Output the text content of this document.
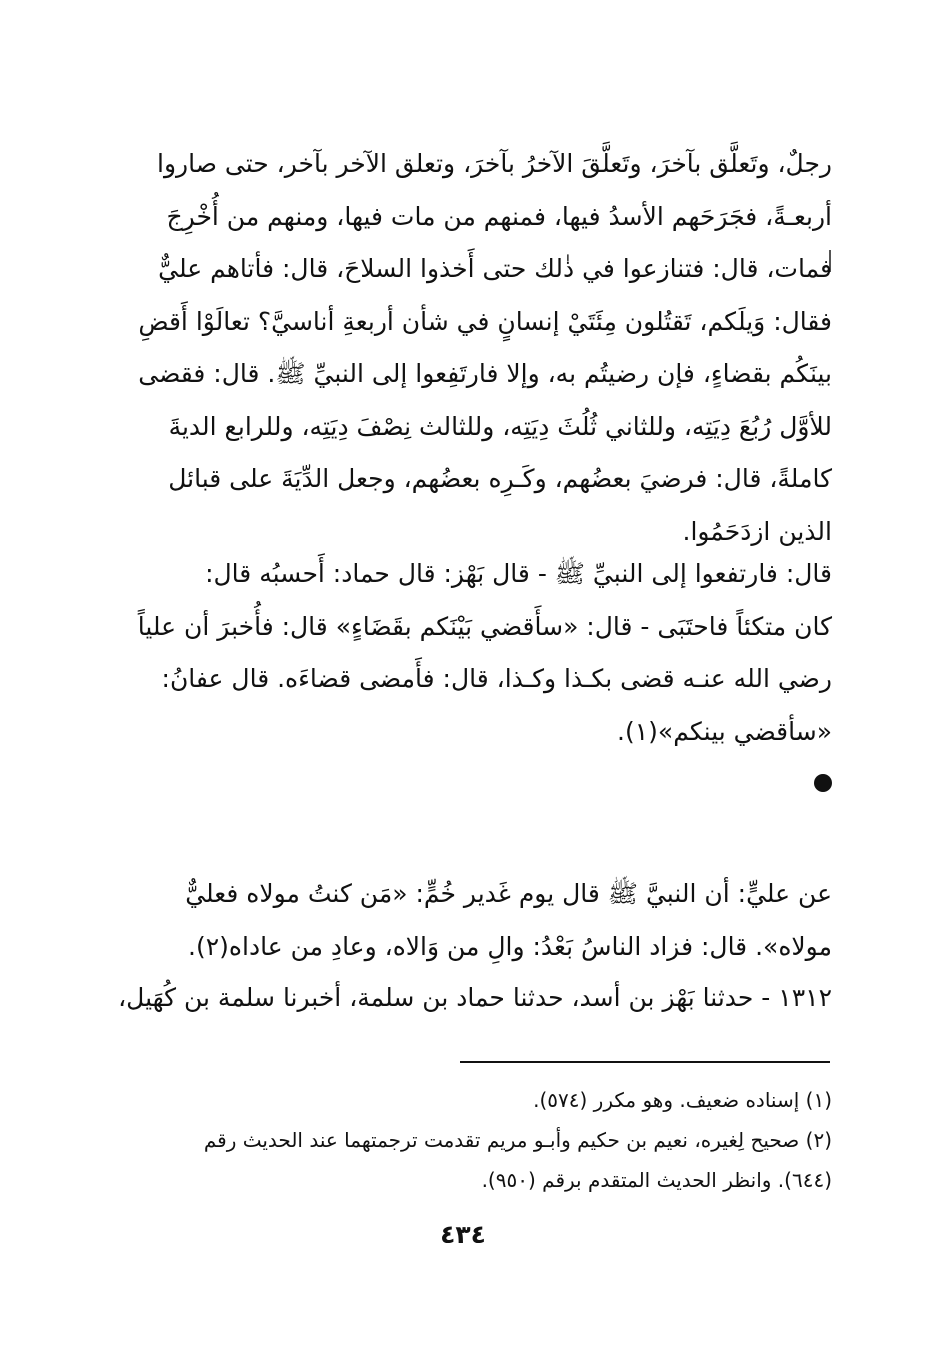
رجلٌ، وتَعلَّق بآخرَ، وتَعلَّقَ الآخرُ بآخرَ، وتعلق الآخر بآخر، حتى صاروا
أربعـةً، فجَرَحَهم الأسدُ فيها، فمنهم من مات فيها، ومنهم من أُخْرِجَ
فمات، قال: فتنازعوا في ذٰلك حتى أَخذوا السلاحَ، قال: فأتاهم عليٌّ
فقال: وَيلَكم، تَقتُلون مِئَتَيْ إنسانٍ في شأن أربعةِ أناسيَّ؟ تعالَوْا أَقضِ
بينَكُم بقضاءٍ، فإن رضيتُم به، وإلا فارتَفِعوا إلى النبيِّ ﷺ. قال: فقضى
للأوَّل رُبُعَ دِيَتِه، وللثاني ثُلُثَ دِيَتِه، وللثالث نِصْفَ دِيَتِه، وللرابع الديةَ
كاملةً، قال: فرضيَ بعضُهم، وكَـرِه بعضُهم، وجعل الدِّيَةَ على قبائل
الذين ازدَحَمُوا.
قال: فارتفعوا إلى النبيِّ ﷺ - قال بَهْز: قال حماد: أَحسبُه قال:
كان متكئاً فاحتَبَى - قال: «سأَقضي بَيْنَكم بقَضَاءٍ» قال: فأُخبرَ أن علياً
رضي الله عنـه قضى بكـذا وكـذا، قال: فأَمضى قضاءَه. قال عفانُ:
«سأقضي بينكم»(١).
عن عليٍّ: أن النبيَّ ﷺ قال يوم غَدير خُمٍّ: «مَن كنتُ مولاه فعليٌّ
مولاه». قال: فزاد الناسُ بَعْدُ: والِ من وَالاه، وعادِ من عاداه(٢).
١٣١٢ - حدثنا بَهْز بن أسد، حدثنا حماد بن سلمة، أخبرنا سلمة بن كُهَيل،
(١) إسناده ضعيف. وهو مكرر (٥٧٤).
(٢) صحيح لِغيره، نعيم بن حكيم وأبـو مريم تقدمت ترجمتهما عند الحديث رقم
(٦٤٤). وانظر الحديث المتقدم برقم (٩٥٠).
٤٣٤
